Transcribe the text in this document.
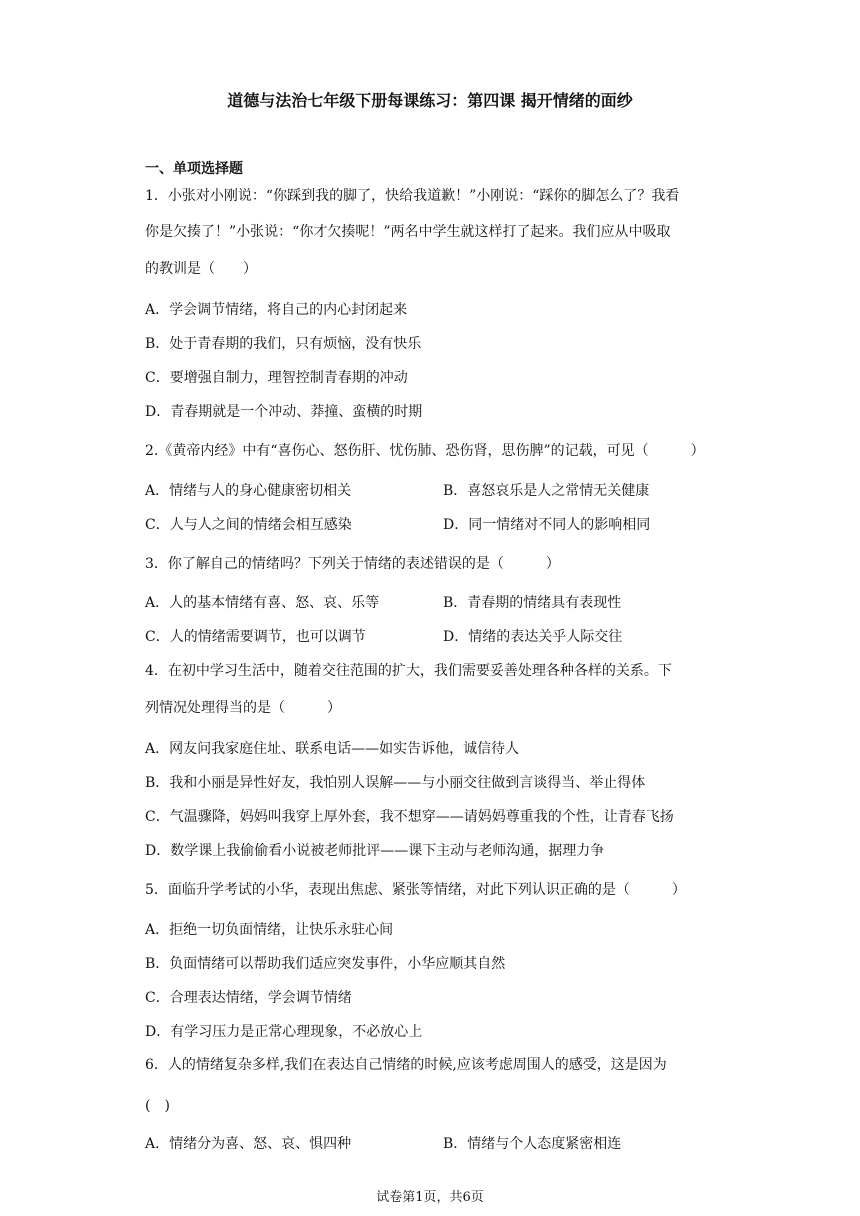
道德与法治七年级下册每课练习：第四课 揭开情绪的面纱
一、单项选择题
1．小张对小刚说：“你踩到我的脚了，快给我道歉！”小刚说：“踩你的脚怎么了？我看
你是欠揍了！”小张说：“你才欠揍呢！”两名中学生就这样打了起来。我们应从中吸取
的教训是（　　）
A．学会调节情绪，将自己的内心封闭起来
B．处于青春期的我们，只有烦恼，没有快乐
C．要增强自制力，理智控制青春期的冲动
D．青春期就是一个冲动、莽撞、蛮横的时期
2.《黄帝内经》中有“喜伤心、怒伤肝、忧伤肺、恐伤肾，思伤脾”的记载，可见（　　　）
A．情绪与人的身心健康密切相关	B．喜怒哀乐是人之常情无关健康
C．人与人之间的情绪会相互感染	D．同一情绪对不同人的影响相同
3．你了解自己的情绪吗？下列关于情绪的表述错误的是（　　　）
A．人的基本情绪有喜、怒、哀、乐等	B．青春期的情绪具有表现性
C．人的情绪需要调节，也可以调节	D．情绪的表达关乎人际交往
4．在初中学习生活中，随着交往范围的扩大，我们需要妥善处理各种各样的关系。下
列情况处理得当的是（　　　）
A．网友问我家庭住址、联系电话——如实告诉他，诚信待人
B．我和小丽是异性好友，我怕别人误解——与小丽交往做到言谈得当、举止得体
C．气温骤降，妈妈叫我穿上厚外套，我不想穿——请妈妈尊重我的个性，让青春飞扬
D．数学课上我偷偷看小说被老师批评——课下主动与老师沟通，据理力争
5．面临升学考试的小华，表现出焦虑、紧张等情绪，对此下列认识正确的是（　　　）
A．拒绝一切负面情绪，让快乐永驻心间
B．负面情绪可以帮助我们适应突发事件，小华应顺其自然
C．合理表达情绪，学会调节情绪
D．有学习压力是正常心理现象，不必放心上
6．人的情绪复杂多样,我们在表达自己情绪的时候,应该考虑周围人的感受，这是因为
(　)
A．情绪分为喜、怒、哀、惧四种	B．情绪与个人态度紧密相连
试卷第1页，共6页
